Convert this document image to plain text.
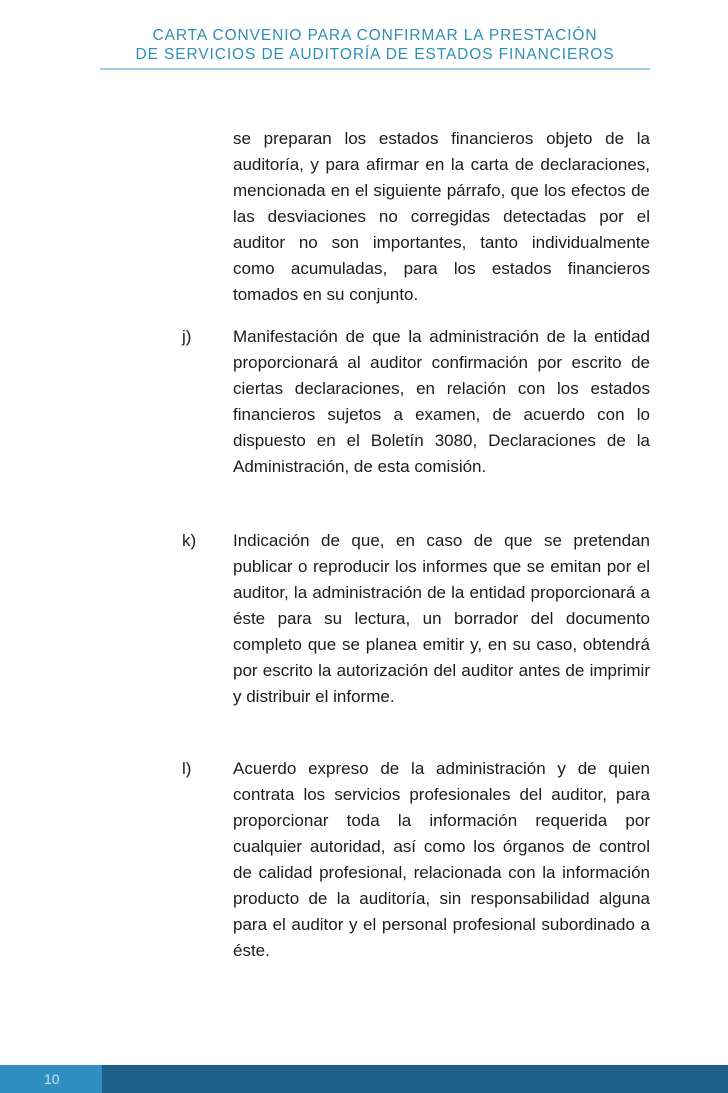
CARTA CONVENIO PARA CONFIRMAR LA PRESTACIÓN
DE SERVICIOS DE AUDITORÍA DE ESTADOS FINANCIEROS
se preparan los estados financieros objeto de la auditoría, y para afirmar en la carta de declaraciones, mencionada en el siguiente párrafo, que los efectos de las desviaciones no corregidas detectadas por el auditor no son importantes, tanto individualmente como acumuladas, para los estados financieros tomados en su conjunto.
j) Manifestación de que la administración de la entidad proporcionará al auditor confirmación por escrito de ciertas declaraciones, en relación con los estados financieros sujetos a examen, de acuerdo con lo dispuesto en el Boletín 3080, Declaraciones de la Administración, de esta comisión.
k) Indicación de que, en caso de que se pretendan publicar o reproducir los informes que se emitan por el auditor, la administración de la entidad proporcionará a éste para su lectura, un borrador del documento completo que se planea emitir y, en su caso, obtendrá por escrito la autorización del auditor antes de imprimir y distribuir el informe.
l) Acuerdo expreso de la administración y de quien contrata los servicios profesionales del auditor, para proporcionar toda la información requerida por cualquier autoridad, así como los órganos de control de calidad profesional, relacionada con la información producto de la auditoría, sin responsabilidad alguna para el auditor y el personal profesional subordinado a éste.
10
